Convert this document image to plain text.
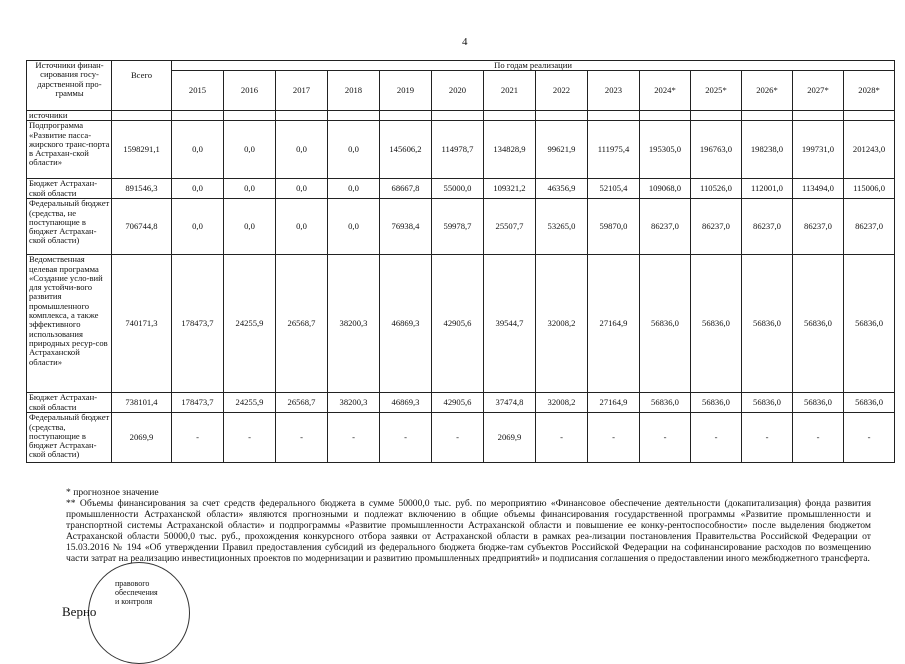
4
Источники финан-сирования госу-дарственной про-граммы	Всего	По годам реализации													
		2015	2016	2017	2018	2019	2020	2021	2022	2023	2024*	2025*	2026*	2027*	2028*
источники															
Подпрограмма «Развитие пасса-жирского транс-порта в Астрахан-ской области»	1598291,1	0,0	0,0	0,0	0,0	145606,2	114978,7	134828,9	99621,9	111975,4	195305,0	196763,0	198238,0	199731,0	201243,0
Бюджет Астрахан-ской области	891546,3	0,0	0,0	0,0	0,0	68667,8	55000,0	109321,2	46356,9	52105,4	109068,0	110526,0	112001,0	113494,0	115006,0
Федеральный бюджет (средства, не поступающие в бюджет Астрахан-ской области)	706744,8	0,0	0,0	0,0	0,0	76938,4	59978,7	25507,7	53265,0	59870,0	86237,0	86237,0	86237,0	86237,0	86237,0
Ведомственная целевая программа «Создание усло-вий для устойчи-вого развития промышленного комплекса, а также эффективного использования природных ресур-сов Астраханской области»	740171,3	178473,7	24255,9	26568,7	38200,3	46869,3	42905,6	39544,7	32008,2	27164,9	56836,0	56836,0	56836,0	56836,0	56836,0
Бюджет Астрахан-ской области	738101,4	178473,7	24255,9	26568,7	38200,3	46869,3	42905,6	37474,8	32008,2	27164,9	56836,0	56836,0	56836,0	56836,0	56836,0
Федеральный бюджет (средства, поступающие в бюджет Астрахан-ской области)	2069,9	-	-	-	-	-	-	2069,9	-	-	-	-	-	-	-

* прогнозное значение

** Объемы финансирования за счет средств федерального бюджета в сумме 50000,0 тыс. руб. по мероприятию «Финансовое обеспечение деятельности (докапитализация) фонда развития промышленности Астраханской области» являются прогнозными и подлежат включению в общие объемы финансирования государственной программы «Развитие промышленности и транспортной системы Астраханской области» и подпрограммы «Развитие промышленности Астраханской области и повышение ее конку-рентоспособности» после выделения бюджетом Астраханской области 50000,0 тыс. руб., прохождения конкурсного отбора заявки от Астраханской области в рамках реа-лизации постановления Правительства Российской Федерации от 15.03.2016 № 194 «Об утверждении Правил предоставления субсидий из федерального бюджета бюдже-там субъектов Российской Федерации на софинансирование расходов по возмещению части затрат на реализацию инвестиционных проектов по модернизации и развитию промышленных предприятий» и подписания соглашения о предоставлении иного межбюджетного трансферта.

правового
обеспечения
и контроля
Верно
